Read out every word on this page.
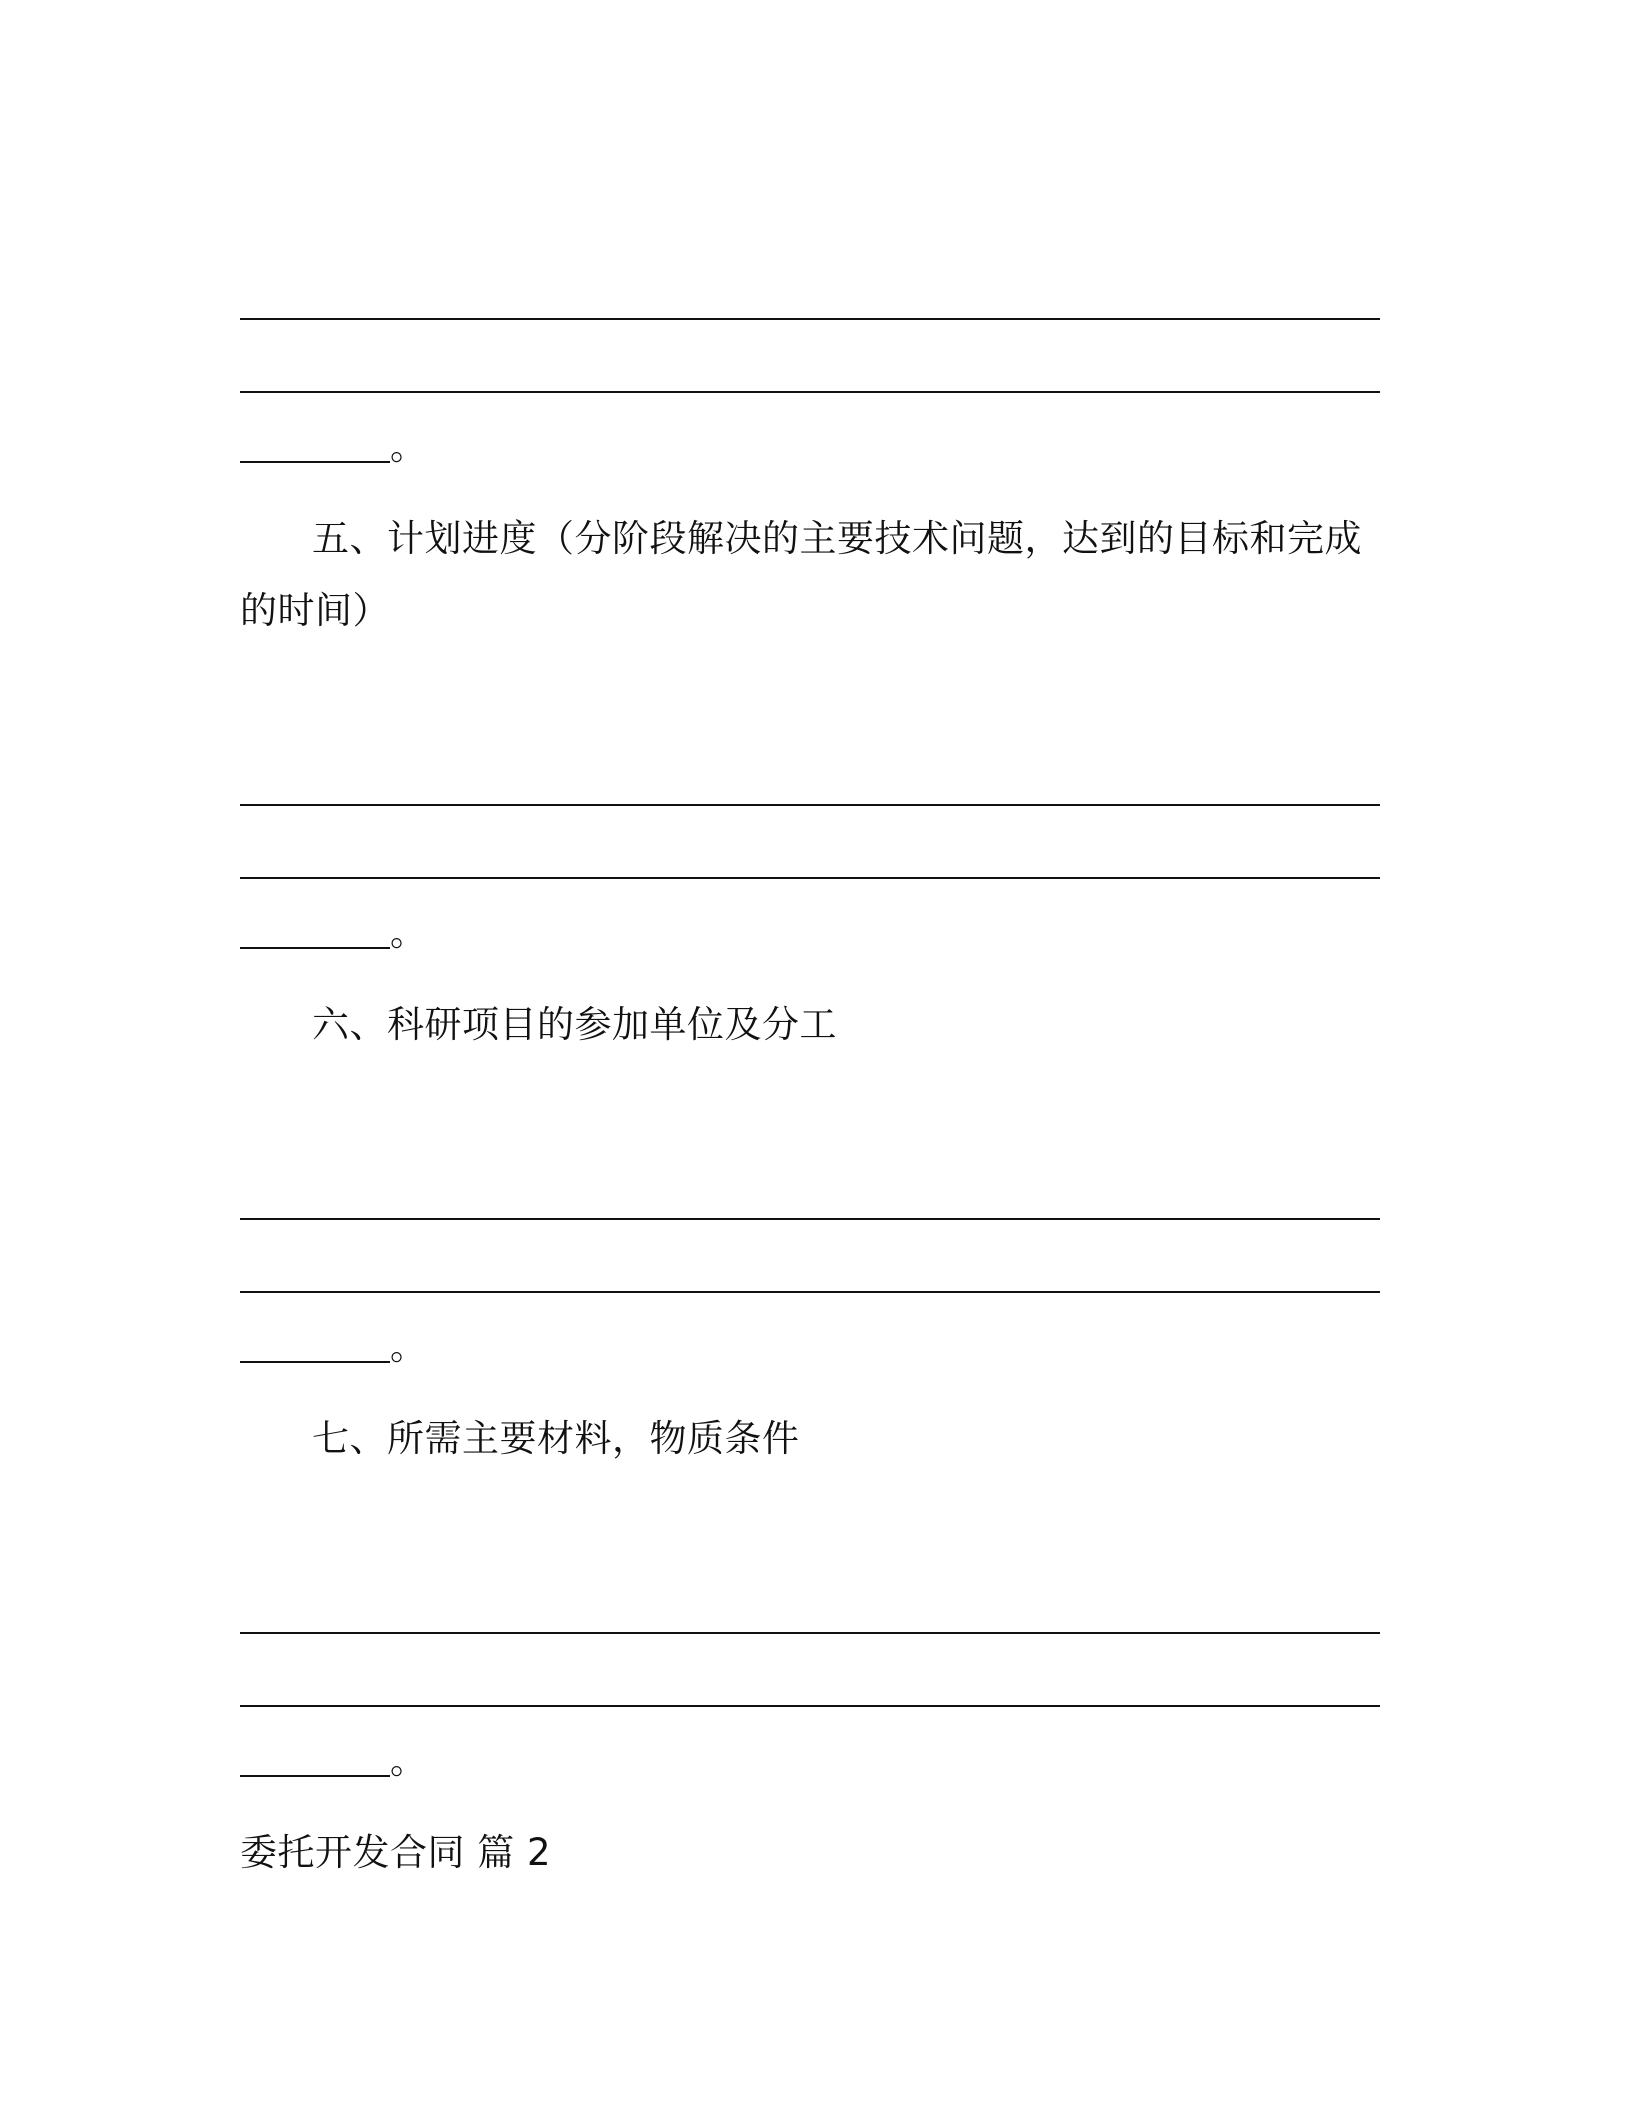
。
五、计划进度（分阶段解决的主要技术问题，达到的目标和完成
的时间）
。
六、科研项目的参加单位及分工
。
七、所需主要材料，物质条件
。
委托开发合同 篇 2
